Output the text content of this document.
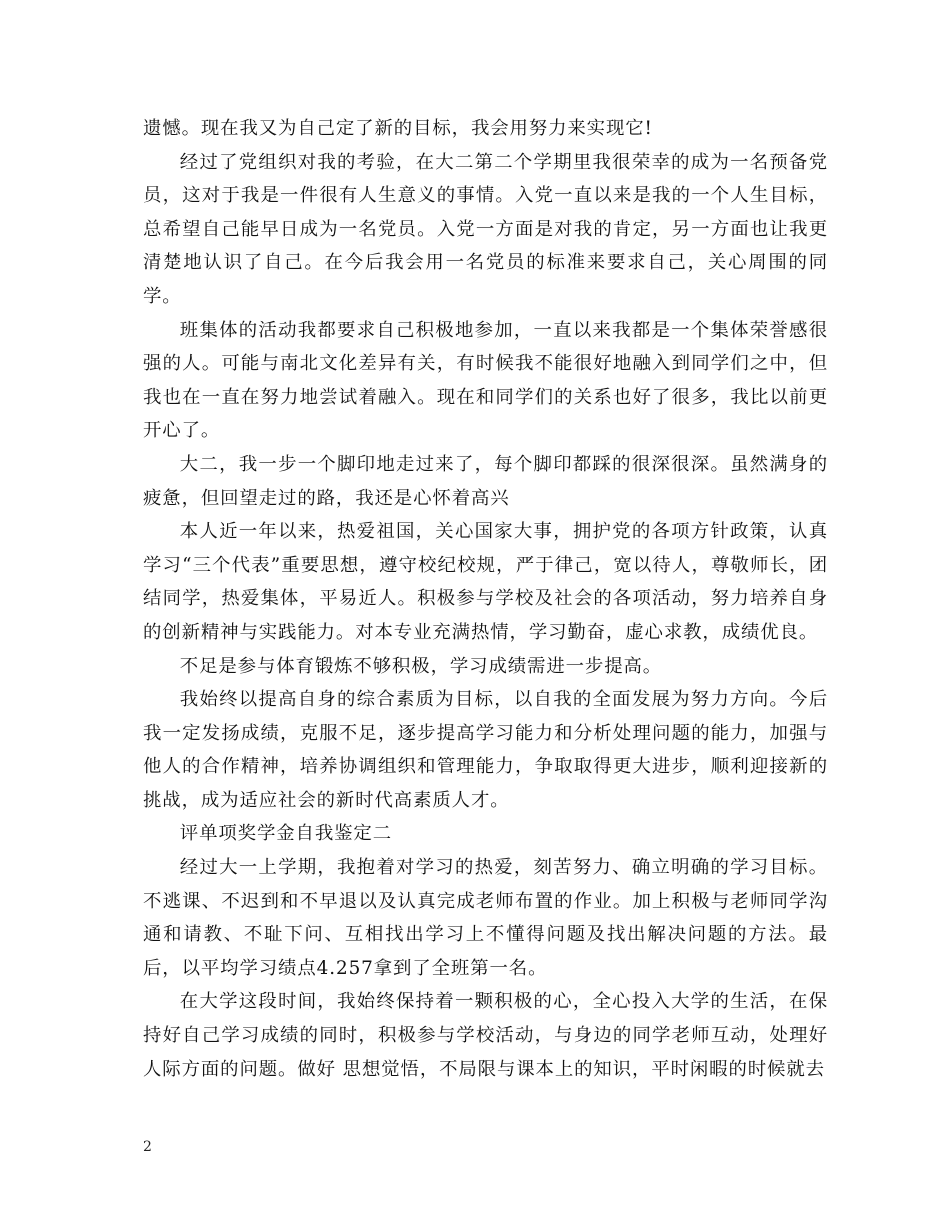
遗憾。现在我又为自己定了新的目标，我会用努力来实现它!

经过了党组织对我的考验，在大二第二个学期里我很荣幸的成为一名预备党员，这对于我是一件很有人生意义的事情。入党一直以来是我的一个人生目标，总希望自己能早日成为一名党员。入党一方面是对我的肯定，另一方面也让我更清楚地认识了自己。在今后我会用一名党员的标准来要求自己，关心周围的同学。

班集体的活动我都要求自己积极地参加，一直以来我都是一个集体荣誉感很强的人。可能与南北文化差异有关，有时候我不能很好地融入到同学们之中，但我也在一直在努力地尝试着融入。现在和同学们的关系也好了很多，我比以前更开心了。

大二，我一步一个脚印地走过来了，每个脚印都踩的很深很深。虽然满身的疲惫，但回望走过的路，我还是心怀着高兴

本人近一年以来，热爱祖国，关心国家大事，拥护党的各项方针政策，认真学习“三个代表”重要思想，遵守校纪校规，严于律己，宽以待人，尊敬师长，团结同学，热爱集体，平易近人。积极参与学校及社会的各项活动，努力培养自身的创新精神与实践能力。对本专业充满热情，学习勤奋，虚心求教，成绩优良。

不足是参与体育锻炼不够积极，学习成绩需进一步提高。

我始终以提高自身的综合素质为目标，以自我的全面发展为努力方向。今后我一定发扬成绩，克服不足，逐步提高学习能力和分析处理问题的能力，加强与他人的合作精神，培养协调组织和管理能力，争取取得更大进步，顺利迎接新的挑战，成为适应社会的新时代高素质人才。

评单项奖学金自我鉴定二

经过大一上学期，我抱着对学习的热爱，刻苦努力、确立明确的学习目标。不逃课、不迟到和不早退以及认真完成老师布置的作业。加上积极与老师同学沟通和请教、不耻下问、互相找出学习上不懂得问题及找出解决问题的方法。最后，以平均学习绩点4.257拿到了全班第一名。

在大学这段时间，我始终保持着一颗积极的心，全心投入大学的生活，在保持好自己学习成绩的同时，积极参与学校活动，与身边的同学老师互动，处理好人际方面的问题。做好 思想觉悟，不局限与课本上的知识，平时闲暇的时候就去

2
